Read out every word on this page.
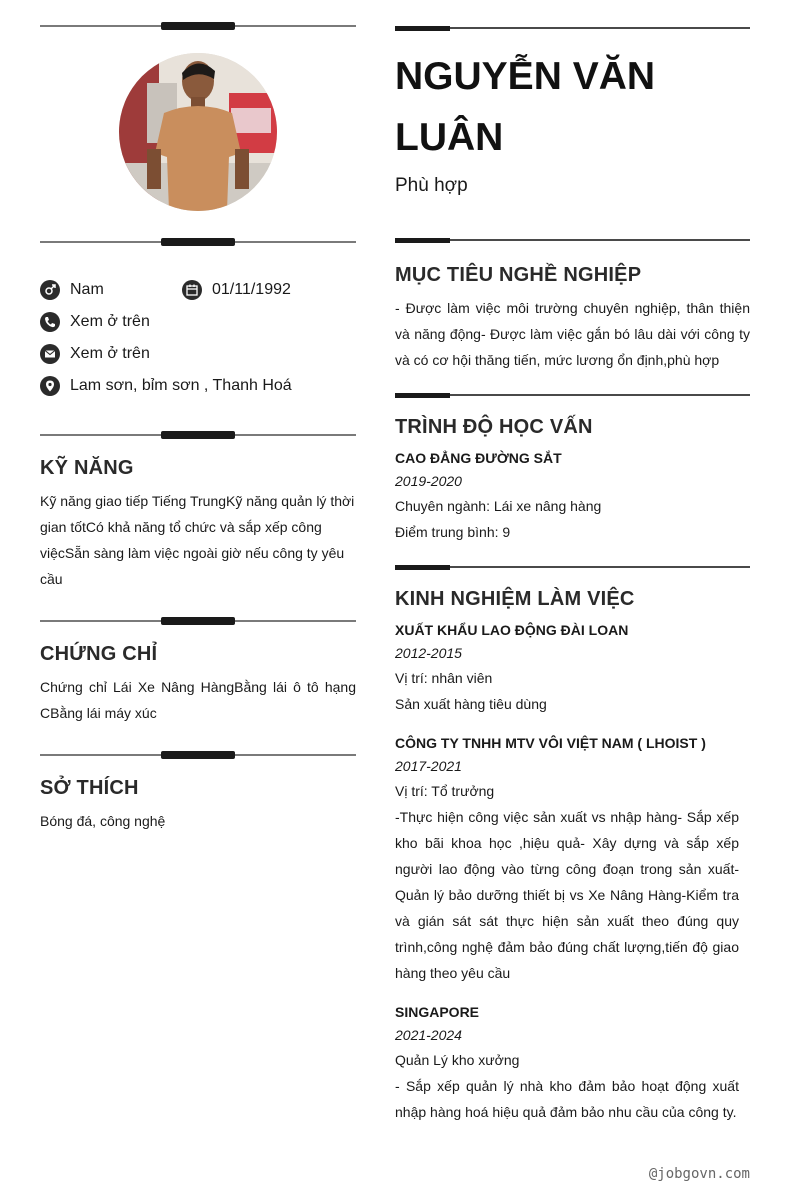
Nam	01/11/1992
Xem ở trên
Xem ở trên
Lam sơn, bỉm sơn , Thanh Hoá
KỸ NĂNG
Kỹ năng giao tiếp Tiếng TrungKỹ năng quản lý thời gian tốtCó khả năng tổ chức và sắp xếp công việcSẵn sàng làm việc ngoài giờ nếu công ty yêu cầu
CHỨNG CHỈ
Chứng chỉ Lái Xe Nâng HàngBằng lái ô tô hạng CBằng lái máy xúc
SỞ THÍCH
Bóng đá, công nghệ
NGUYỄN VĂN LUÂN
Phù hợp
MỤC TIÊU NGHỀ NGHIỆP
- Được làm việc môi trường chuyên nghiệp, thân thiện và năng động- Được làm việc gắn bó lâu dài với công ty và có cơ hội thăng tiến, mức lương ổn định,phù hợp
TRÌNH ĐỘ HỌC VẤN
CAO ĐẲNG ĐƯỜNG SẮT
2019-2020
Chuyên ngành: Lái xe nâng hàng
Điểm trung bình: 9
KINH NGHIỆM LÀM VIỆC
XUẤT KHẨU LAO ĐỘNG ĐÀI LOAN
2012-2015
Vị trí: nhân viên
Sản xuất hàng tiêu dùng
CÔNG TY TNHH MTV VÔI VIỆT NAM ( LHOIST )
2017-2021
Vị trí: Tổ trưởng
-Thực hiện công việc sản xuất vs nhập hàng- Sắp xếp kho bãi khoa học ,hiệu quả- Xây dựng và sắp xếp người lao động vào từng công đoạn trong sản xuất-Quản lý bảo dưỡng thiết bị vs Xe Nâng Hàng-Kiểm tra và gián sát sát thực hiện sản xuất theo đúng quy trình,công nghệ đảm bảo đúng chất lượng,tiến độ giao hàng theo yêu cầu
SINGAPORE
2021-2024
Quản Lý kho xưởng
- Sắp xếp quản lý nhà kho đảm bảo hoạt động xuất nhập hàng hoá hiệu quả đảm bảo nhu cầu của công ty.
@jobgovn.com
